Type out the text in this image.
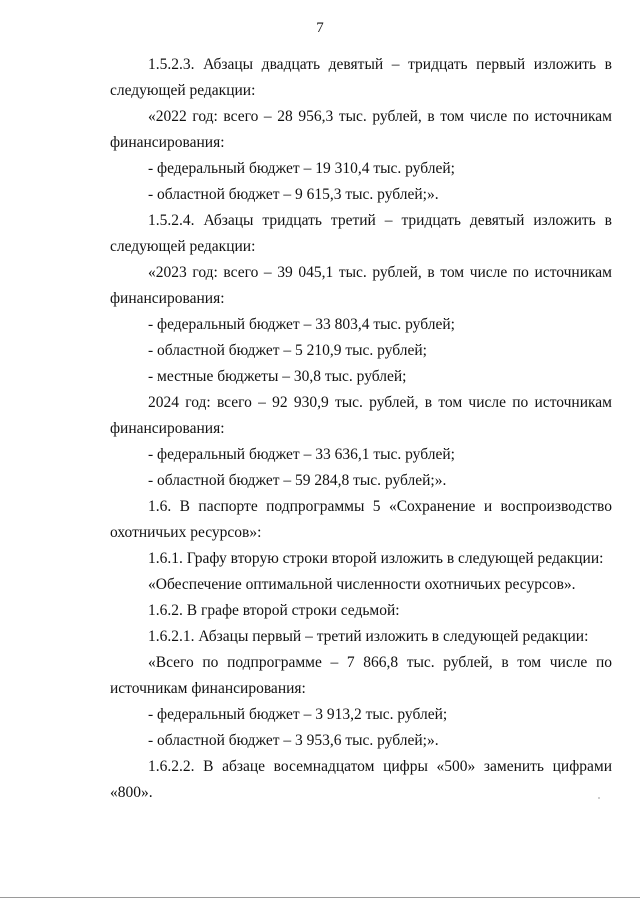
7

1.5.2.3. Абзацы двадцать девятый – тридцать первый изложить в следующей редакции:

«2022 год: всего – 28 956,3 тыс. рублей, в том числе по источникам финансирования:

- федеральный бюджет – 19 310,4 тыс. рублей;

- областной бюджет – 9 615,3 тыс. рублей;».

1.5.2.4. Абзацы тридцать третий – тридцать девятый изложить в следующей редакции:

«2023 год: всего – 39 045,1 тыс. рублей, в том числе по источникам финансирования:

- федеральный бюджет – 33 803,4 тыс. рублей;

- областной бюджет – 5 210,9 тыс. рублей;

- местные бюджеты – 30,8 тыс. рублей;

2024 год: всего – 92 930,9 тыс. рублей, в том числе по источникам финансирования:

- федеральный бюджет – 33 636,1 тыс. рублей;

- областной бюджет – 59 284,8 тыс. рублей;».

1.6. В паспорте подпрограммы 5 «Сохранение и воспроизводство охотничьих ресурсов»:

1.6.1. Графу вторую строки второй изложить в следующей редакции:

«Обеспечение оптимальной численности охотничьих ресурсов».

1.6.2. В графе второй строки седьмой:

1.6.2.1. Абзацы первый – третий изложить в следующей редакции:

«Всего по подпрограмме – 7 866,8 тыс. рублей, в том числе по источникам финансирования:

- федеральный бюджет – 3 913,2 тыс. рублей;

- областной бюджет – 3 953,6 тыс. рублей;».

1.6.2.2. В абзаце восемнадцатом цифры «500» заменить цифрами «800».
